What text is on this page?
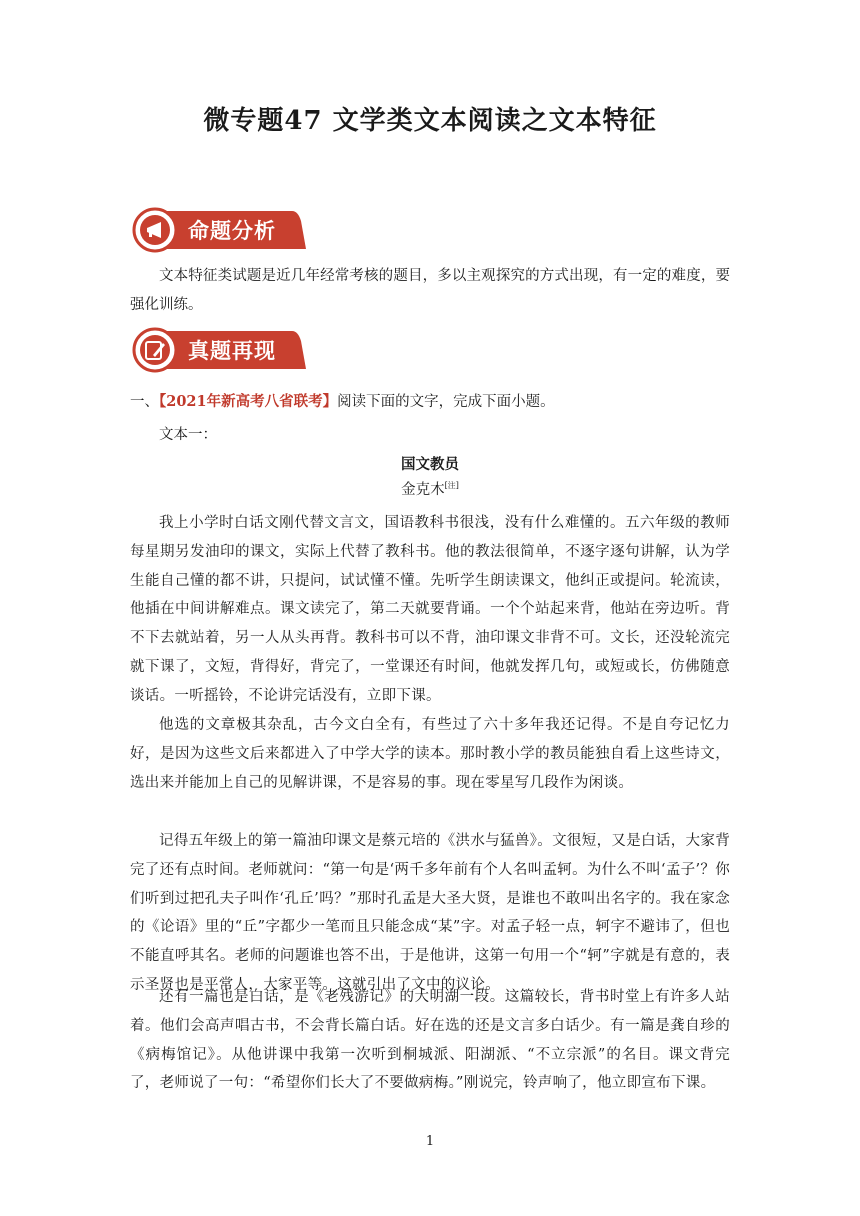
微专题47 文学类文本阅读之文本特征
命题分析

文本特征类试题是近几年经常考核的题目，多以主观探究的方式出现，有一定的难度，要强化训练。

真题再现
一、【2021年新高考八省联考】阅读下面的文字，完成下面小题。
文本一：
国文教员
金克木[注]

我上小学时白话文刚代替文言文，国语教科书很浅，没有什么难懂的。五六年级的教师每星期另发油印的课文，实际上代替了教科书。他的教法很简单，不逐字逐句讲解，认为学生能自己懂的都不讲，只提问，试试懂不懂。先听学生朗读课文，他纠正或提问。轮流读，他插在中间讲解难点。课文读完了，第二天就要背诵。一个个站起来背，他站在旁边听。背不下去就站着，另一人从头再背。教科书可以不背，油印课文非背不可。文长，还没轮流完就下课了，文短，背得好，背完了，一堂课还有时间，他就发挥几句，或短或长，仿佛随意谈话。一听摇铃，不论讲完话没有，立即下课。

他选的文章极其杂乱，古今文白全有，有些过了六十多年我还记得。不是自夸记忆力好，是因为这些文后来都进入了中学大学的读本。那时教小学的教员能独自看上这些诗文，选出来并能加上自己的见解讲课，不是容易的事。现在零星写几段作为闲谈。

记得五年级上的第一篇油印课文是蔡元培的《洪水与猛兽》。文很短，又是白话，大家背完了还有点时间。老师就问：“第一句是‘两千多年前有个人名叫孟轲。为什么不叫‘孟子’？你们听到过把孔夫子叫作‘孔丘’吗？”那时孔孟是大圣大贤，是谁也不敢叫出名字的。我在家念的《论语》里的“丘”字都少一笔而且只能念成“某”字。对孟子轻一点，轲字不避讳了，但也不能直呼其名。老师的问题谁也答不出，于是他讲，这第一句用一个“轲”字就是有意的，表示圣贤也是平常人，大家平等。这就引出了文中的议论。

还有一篇也是白话，是《老残游记》的大明湖一段。这篇较长，背书时堂上有许多人站着。他们会高声唱古书，不会背长篇白话。好在选的还是文言多白话少。有一篇是龚自珍的《病梅馆记》。从他讲课中我第一次听到桐城派、阳湖派、“不立宗派”的名目。课文背完了，老师说了一句：“希望你们长大了不要做病梅。”刚说完，铃声响了，他立即宣布下课。

1
